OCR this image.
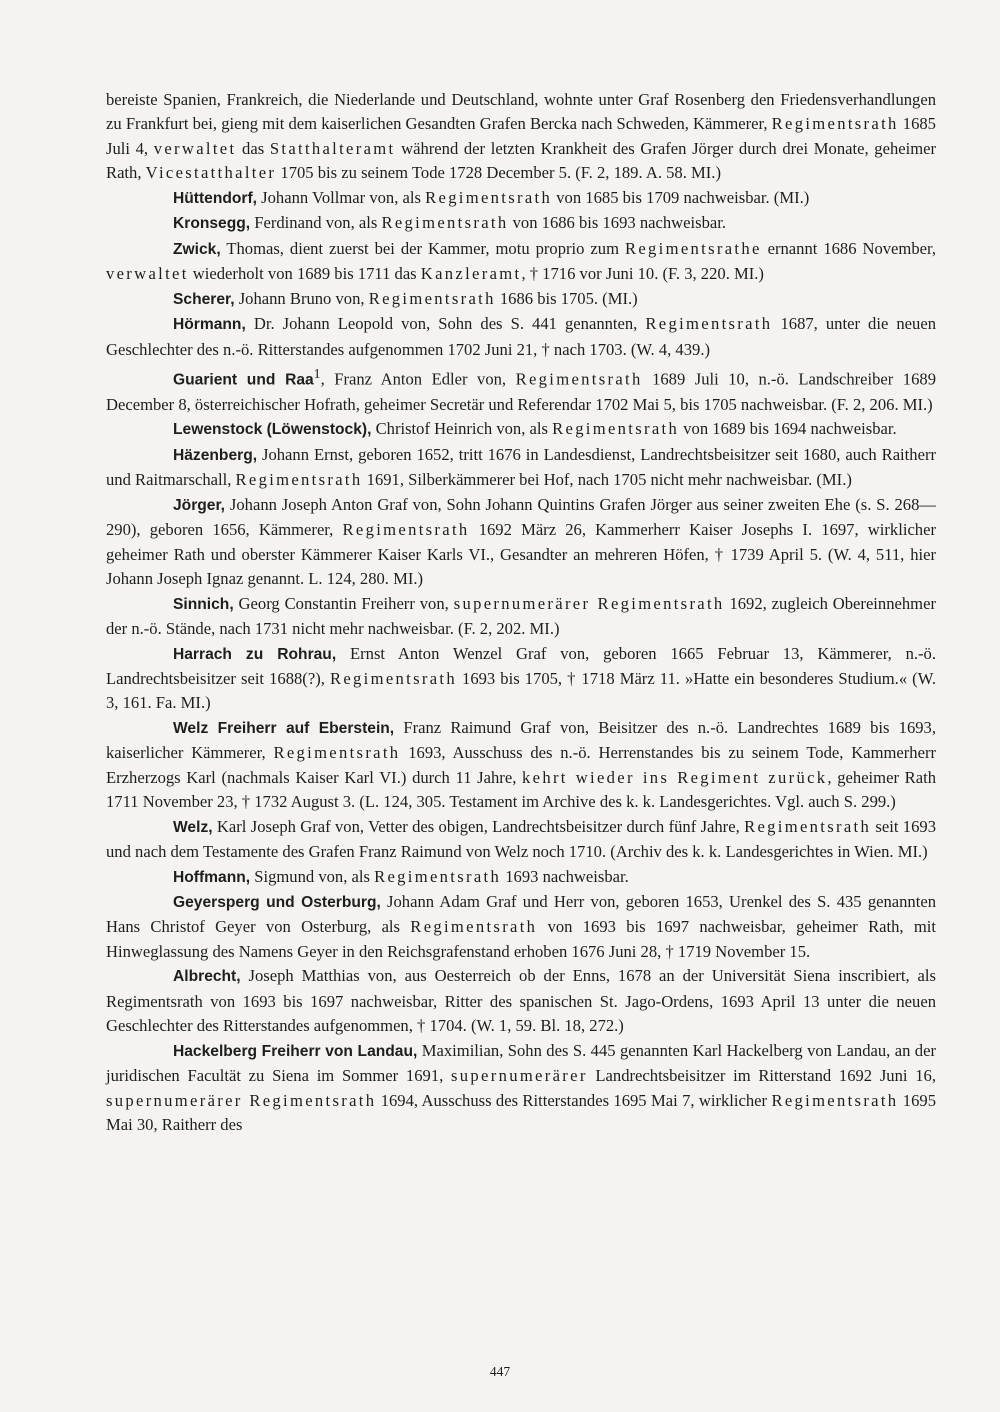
bereiste Spanien, Frankreich, die Niederlande und Deutschland, wohnte unter Graf Rosenberg den Friedensverhandlungen zu Frankfurt bei, gieng mit dem kaiserlichen Gesandten Grafen Bercka nach Schweden, Kämmerer, Regimentsrath 1685 Juli 4, verwaltet das Statthalteramt während der letzten Krankheit des Grafen Jörger durch drei Monate, geheimer Rath, Vicestatthalter 1705 bis zu seinem Tode 1728 December 5. (F. 2, 189. A. 58. MI.)

Hüttendorf, Johann Vollmar von, als Regimentsrath von 1685 bis 1709 nachweisbar. (MI.)

Kronsegg, Ferdinand von, als Regimentsrath von 1686 bis 1693 nachweisbar.

Zwick, Thomas, dient zuerst bei der Kammer, motu proprio zum Regimentsrathe ernannt 1686 November, verwaltet wiederholt von 1689 bis 1711 das Kanzleramt, † 1716 vor Juni 10. (F. 3, 220. MI.)

Scherer, Johann Bruno von, Regimentsrath 1686 bis 1705. (MI.)

Hörmann, Dr. Johann Leopold von, Sohn des S. 441 genannten, Regimentsrath 1687, unter die neuen Geschlechter des n.-ö. Ritterstandes aufgenommen 1702 Juni 21, † nach 1703. (W. 4, 439.)

Guarient und Raa$^1$, Franz Anton Edler von, Regimentsrath 1689 Juli 10, n.-ö. Landschreiber 1689 December 8, österreichischer Hofrath, geheimer Secretär und Referendar 1702 Mai 5, bis 1705 nachweisbar. (F. 2, 206. MI.)

Lewenstock (Löwenstock), Christof Heinrich von, als Regimentsrath von 1689 bis 1694 nachweisbar.

Häzenberg, Johann Ernst, geboren 1652, tritt 1676 in Landesdienst, Landrechtsbeisitzer seit 1680, auch Raitherr und Raitmarschall, Regimentsrath 1691, Silberkämmerer bei Hof, nach 1705 nicht mehr nachweisbar. (MI.)

Jörger, Johann Joseph Anton Graf von, Sohn Johann Quintins Grafen Jörger aus seiner zweiten Ehe (s. S. 268—290), geboren 1656, Kämmerer, Regimentsrath 1692 März 26, Kammerherr Kaiser Josephs I. 1697, wirklicher geheimer Rath und oberster Kämmerer Kaiser Karls VI., Gesandter an mehreren Höfen, † 1739 April 5. (W. 4, 511, hier Johann Joseph Ignaz genannt. L. 124, 280. MI.)

Sinnich, Georg Constantin Freiherr von, supernumerärer Regimentsrath 1692, zugleich Obereinnehmer der n.-ö. Stände, nach 1731 nicht mehr nachweisbar. (F. 2, 202. MI.)

Harrach zu Rohrau, Ernst Anton Wenzel Graf von, geboren 1665 Februar 13, Kämmerer, n.-ö. Landrechtsbeisitzer seit 1688(?), Regimentsrath 1693 bis 1705, † 1718 März 11. »Hatte ein besonderes Studium.« (W. 3, 161. Fa. MI.)

Welz Freiherr auf Eberstein, Franz Raimund Graf von, Beisitzer des n.-ö. Landrechtes 1689 bis 1693, kaiserlicher Kämmerer, Regimentsrath 1693, Ausschuss des n.-ö. Herrenstandes bis zu seinem Tode, Kammerherr Erzherzogs Karl (nachmals Kaiser Karl VI.) durch 11 Jahre, kehrt wieder ins Regiment zurück, geheimer Rath 1711 November 23, † 1732 August 3. (L. 124, 305. Testament im Archive des k. k. Landesgerichtes. Vgl. auch S. 299.)

Welz, Karl Joseph Graf von, Vetter des obigen, Landrechtsbeisitzer durch fünf Jahre, Regimentsrath seit 1693 und nach dem Testamente des Grafen Franz Raimund von Welz noch 1710. (Archiv des k. k. Landesgerichtes in Wien. MI.)

Hoffmann, Sigmund von, als Regimentsrath 1693 nachweisbar.

Geyersperg und Osterburg, Johann Adam Graf und Herr von, geboren 1653, Urenkel des S. 435 genannten Hans Christof Geyer von Osterburg, als Regimentsrath von 1693 bis 1697 nachweisbar, geheimer Rath, mit Hinweglassung des Namens Geyer in den Reichsgrafenstand erhoben 1676 Juni 28, † 1719 November 15.

Albrecht, Joseph Matthias von, aus Oesterreich ob der Enns, 1678 an der Universität Siena inscribiert, als Regimentsrath von 1693 bis 1697 nachweisbar, Ritter des spanischen St. Jago-Ordens, 1693 April 13 unter die neuen Geschlechter des Ritterstandes aufgenommen, † 1704. (W. 1, 59. Bl. 18, 272.)

Hackelberg Freiherr von Landau, Maximilian, Sohn des S. 445 genannten Karl Hackelberg von Landau, an der juridischen Facultät zu Siena im Sommer 1691, supernumerärer Landrechtsbeisitzer im Ritterstand 1692 Juni 16, supernumerärer Regimentsrath 1694, Ausschuss des Ritterstandes 1695 Mai 7, wirklicher Regimentsrath 1695 Mai 30, Raitherr des

447
